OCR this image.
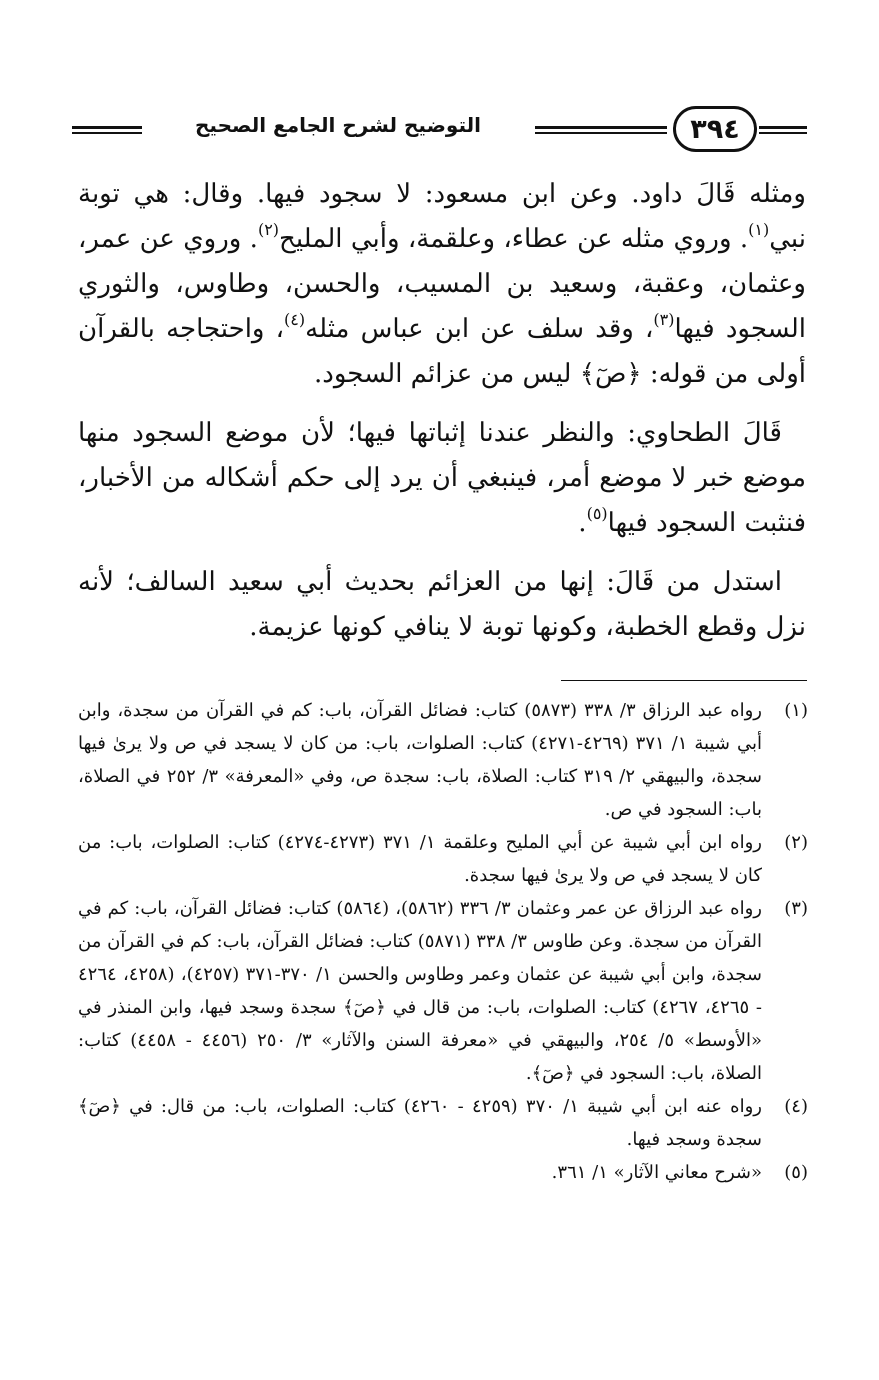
٣٩٤
التوضيح لشرح الجامع الصحيح

ومثله قَالَ داود. وعن ابن مسعود: لا سجود فيها. وقال: هي توبة نبي$^{(١)}$. وروي مثله عن عطاء، وعلقمة، وأبي المليح$^{(٢)}$. وروي عن عمر، وعثمان، وعقبة، وسعيد بن المسيب، والحسن، وطاوس، والثوري السجود فيها$^{(٣)}$، وقد سلف عن ابن عباس مثله$^{(٤)}$، واحتجاجه بالقرآن أولى من قوله: ﴿صٓ﴾ ليس من عزائم السجود.

قَالَ الطحاوي: والنظر عندنا إثباتها فيها؛ لأن موضع السجود منها موضع خبر لا موضع أمر، فينبغي أن يرد إلى حكم أشكاله من الأخبار، فنثبت السجود فيها$^{(٥)}$.

استدل من قَالَ: إنها من العزائم بحديث أبي سعيد السالف؛ لأنه نزل وقطع الخطبة، وكونها توبة لا ينافي كونها عزيمة.

(١)
رواه عبد الرزاق ٣/ ٣٣٨ (٥٨٧٣) كتاب: فضائل القرآن، باب: كم في القرآن من سجدة، وابن أبي شيبة ١/ ٣٧١ (٤٢٦٩-٤٢٧١) كتاب: الصلوات، باب: من كان لا يسجد في ص ولا يرىٰ فيها سجدة، والبيهقي ٢/ ٣١٩ كتاب: الصلاة، باب: سجدة ص، وفي «المعرفة» ٣/ ٢٥٢ في الصلاة، باب: السجود في ص.
(٢)
رواه ابن أبي شيبة عن أبي المليح وعلقمة ١/ ٣٧١ (٤٢٧٣-٤٢٧٤) كتاب: الصلوات، باب: من كان لا يسجد في ص ولا يرىٰ فيها سجدة.
(٣)
رواه عبد الرزاق عن عمر وعثمان ٣/ ٣٣٦ (٥٨٦٢)، (٥٨٦٤) كتاب: فضائل القرآن، باب: كم في القرآن من سجدة. وعن طاوس ٣/ ٣٣٨ (٥٨٧١) كتاب: فضائل القرآن، باب: كم في القرآن من سجدة، وابن أبي شيبة عن عثمان وعمر وطاوس والحسن ١/ ٣٧٠-٣٧١ (٤٢٥٧)، (٤٢٥٨، ٤٢٦٤ - ٤٢٦٥، ٤٢٦٧) كتاب: الصلوات، باب: من قال في ﴿صٓ﴾ سجدة وسجد فيها، وابن المنذر في «الأوسط» ٥/ ٢٥٤، والبيهقي في «معرفة السنن والآثار» ٣/ ٢٥٠ (٤٤٥٦ - ٤٤٥٨) كتاب: الصلاة، باب: السجود في ﴿صٓ﴾.
(٤)
رواه عنه ابن أبي شيبة ١/ ٣٧٠ (٤٢٥٩ - ٤٢٦٠) كتاب: الصلوات، باب: من قال: في ﴿صٓ﴾ سجدة وسجد فيها.
(٥)
«شرح معاني الآثار» ١/ ٣٦١.
